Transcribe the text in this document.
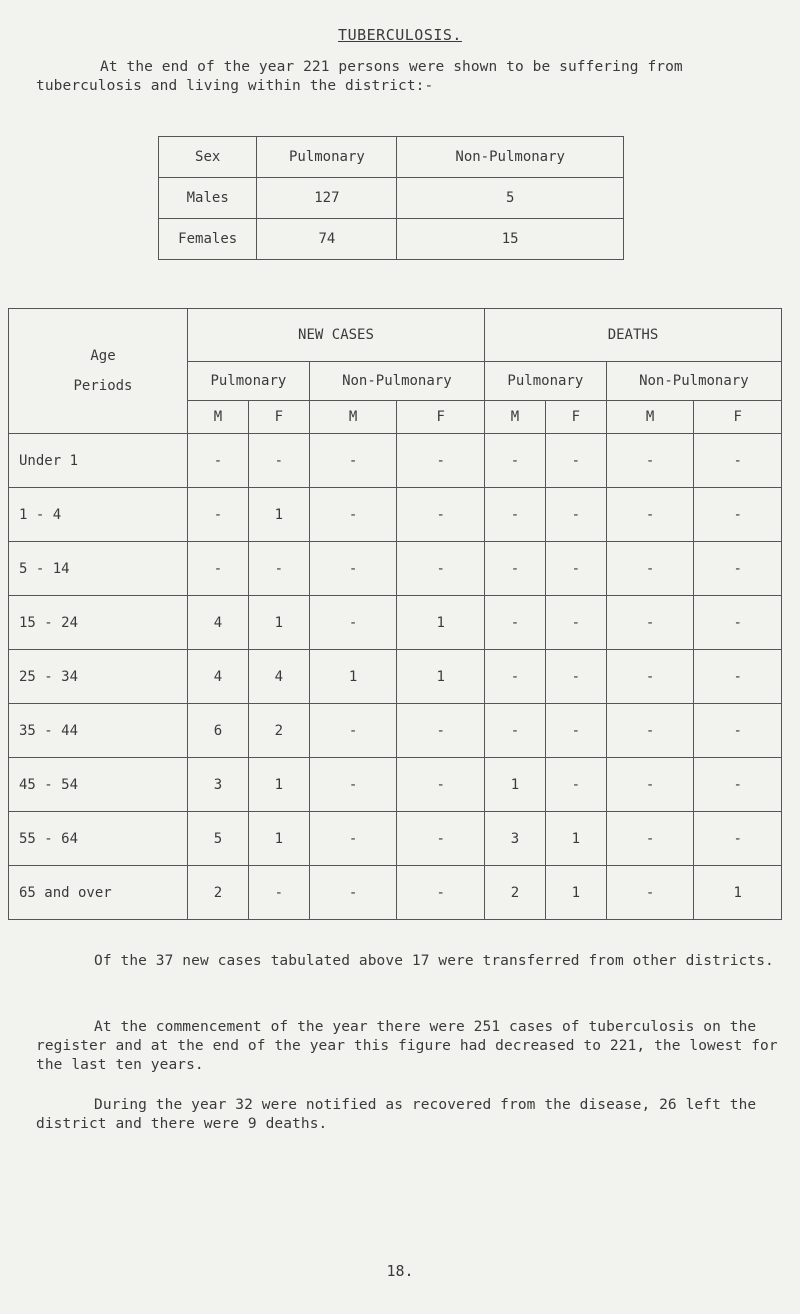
TUBERCULOSIS.
At the end of the year 221 persons were shown to be suffering from tuberculosis and living within the district:-
Sex	Pulmonary	Non-Pulmonary
Males	127	5
Females	74	15
Age
Periods	NEW CASES				DEATHS			
	Pulmonary		Non-Pulmonary		Pulmonary		Non-Pulmonary	
	M	F	M	F	M	F	M	F
Under 1	-	-	-	-	-	-	-	-
1 - 4	-	1	-	-	-	-	-	-
5 - 14	-	-	-	-	-	-	-	-
15 - 24	4	1	-	1	-	-	-	-
25 - 34	4	4	1	1	-	-	-	-
35 - 44	6	2	-	-	-	-	-	-
45 - 54	3	1	-	-	1	-	-	-
55 - 64	5	1	-	-	3	1	-	-
65 and over	2	-	-	-	2	1	-	1
Of the 37 new cases tabulated above 17 were transferred from other districts.
At the commencement of the year there were 251 cases of tuberculosis on the register and at the end of the year this figure had decreased to 221, the lowest for the last ten years.
During the year 32 were notified as recovered from the disease, 26 left the district and there were 9 deaths.
18.
